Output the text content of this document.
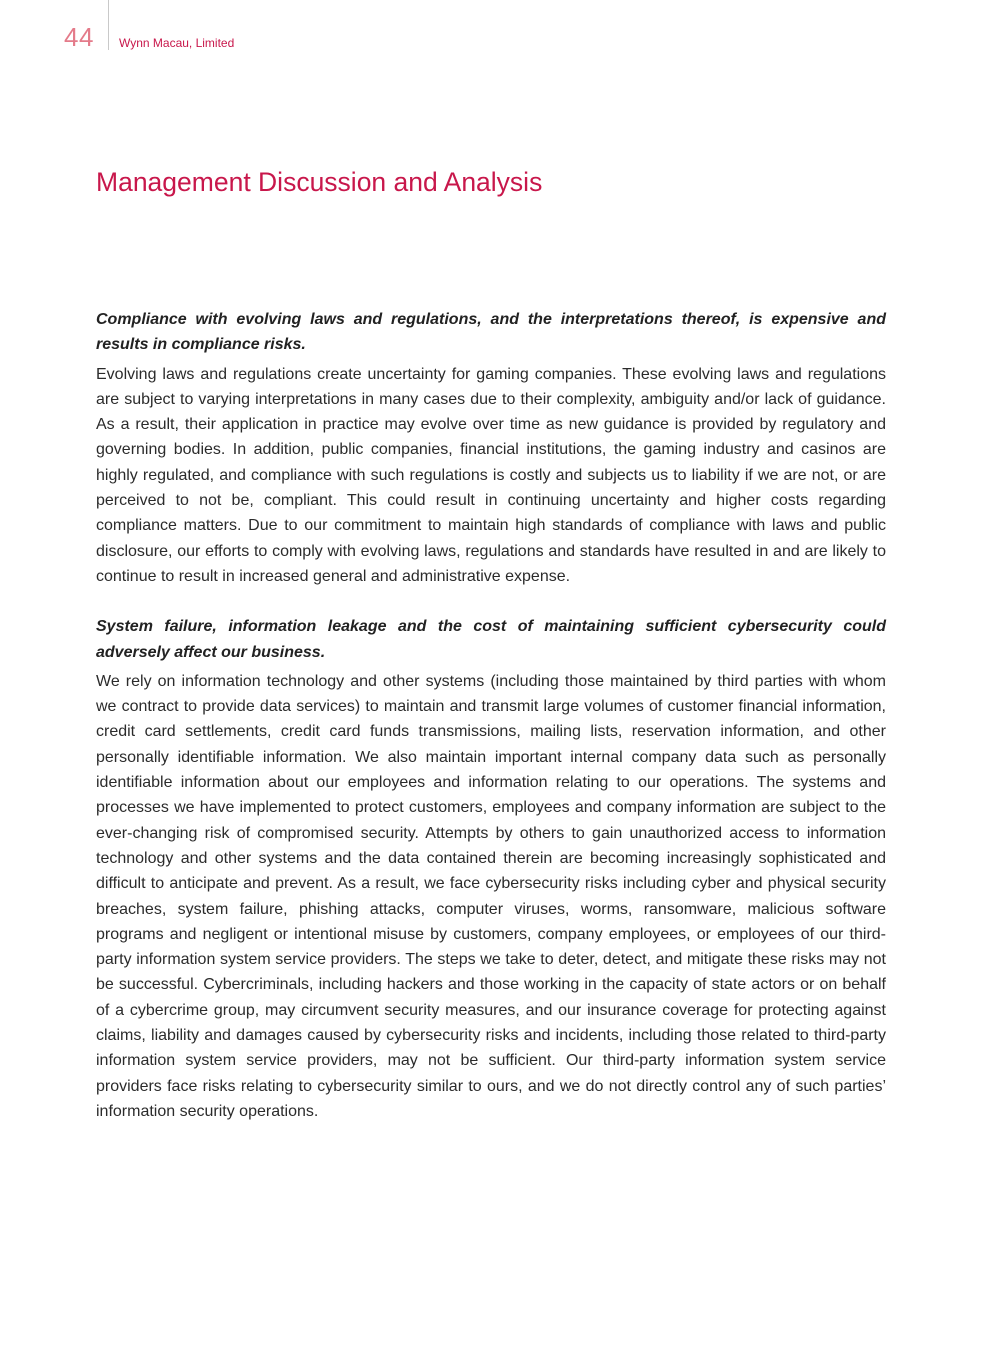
44 Wynn Macau, Limited
Management Discussion and Analysis

Compliance with evolving laws and regulations, and the interpretations thereof, is expensive and results in compliance risks.

Evolving laws and regulations create uncertainty for gaming companies. These evolving laws and regulations are subject to varying interpretations in many cases due to their complexity, ambiguity and/or lack of guidance. As a result, their application in practice may evolve over time as new guidance is provided by regulatory and governing bodies. In addition, public companies, financial institutions, the gaming industry and casinos are highly regulated, and compliance with such regulations is costly and subjects us to liability if we are not, or are perceived to not be, compliant. This could result in continuing uncertainty and higher costs regarding compliance matters. Due to our commitment to maintain high standards of compliance with laws and public disclosure, our efforts to comply with evolving laws, regulations and standards have resulted in and are likely to continue to result in increased general and administrative expense.

System failure, information leakage and the cost of maintaining sufficient cybersecurity could adversely affect our business.

We rely on information technology and other systems (including those maintained by third parties with whom we contract to provide data services) to maintain and transmit large volumes of customer financial information, credit card settlements, credit card funds transmissions, mailing lists, reservation information, and other personally identifiable information. We also maintain important internal company data such as personally identifiable information about our employees and information relating to our operations. The systems and processes we have implemented to protect customers, employees and company information are subject to the ever-changing risk of compromised security. Attempts by others to gain unauthorized access to information technology and other systems and the data contained therein are becoming increasingly sophisticated and difficult to anticipate and prevent. As a result, we face cybersecurity risks including cyber and physical security breaches, system failure, phishing attacks, computer viruses, worms, ransomware, malicious software programs and negligent or intentional misuse by customers, company employees, or employees of our third-party information system service providers. The steps we take to deter, detect, and mitigate these risks may not be successful. Cybercriminals, including hackers and those working in the capacity of state actors or on behalf of a cybercrime group, may circumvent security measures, and our insurance coverage for protecting against claims, liability and damages caused by cybersecurity risks and incidents, including those related to third-party information system service providers, may not be sufficient. Our third-party information system service providers face risks relating to cybersecurity similar to ours, and we do not directly control any of such parties’ information security operations.
